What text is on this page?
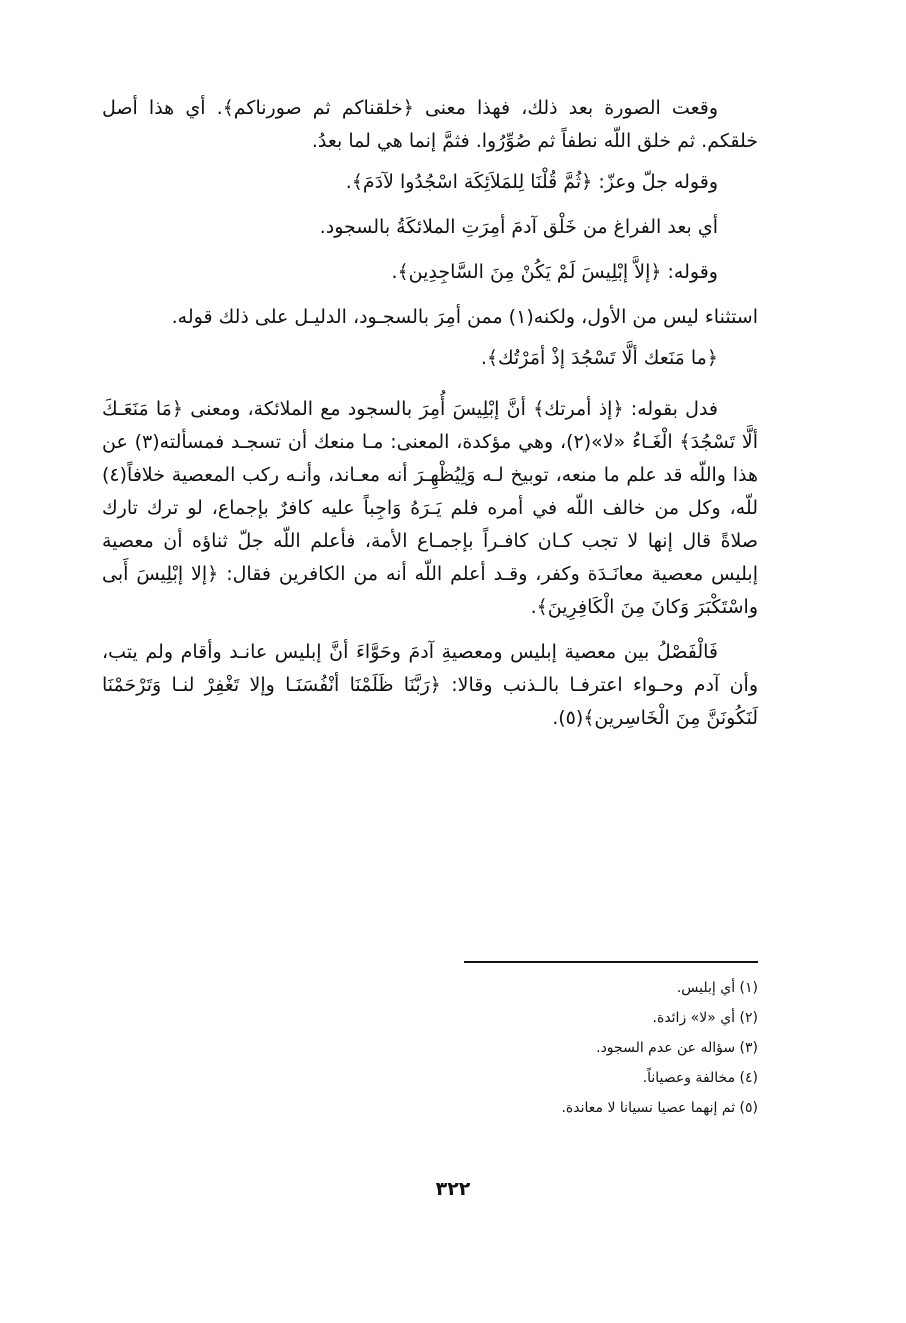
وقعت الصورة بعد ذلك، فهذا معنى ﴿خلقناكم ثم صورناكم﴾. أي هذا أصل خلقكم. ثم خلق اللّه نطفاً ثم صُوِّرُوا. فثمَّ إنما هي لما بعدُ.

وقوله جلّ وعزّ: ﴿ثُمَّ قُلْنَا لِلمَلاَئِكَة اسْجُدُوا لآدَمَ﴾.

أي بعد الفراغ من خَلْق آدمَ أمِرَتِ الملائكَةُ بالسجود.

وقوله: ﴿إلاَّ إبْلِيسَ لَمْ يَكُنْ مِنَ السَّاجِدِين﴾.

استثناء ليس من الأول، ولكنه(١) ممن أمِرَ بالسجـود، الدليـل على ذلك قوله.

﴿ما مَنَعك ألَّا تَسْجُدَ إذْ أمَرْتُك﴾.

فدل بقوله: ﴿إذ أمرتك﴾ أنَّ إبْلِيسَ أُمِرَ بالسجود مع الملائكة، ومعنى ﴿مَا مَنَعَـكَ ألَّا تَسْجُدَ﴾ الْغَـاءُ «لا»(٢)، وهي مؤكدة، المعنى: مـا منعك أن تسجـد فمسألته(٣) عن هذا واللّه قد علم ما منعه، توبيخ لـه وَلِيُظْهِـرَ أنه معـاند، وأنـه ركب المعصية خلافاً(٤) للّه، وكل من خالف اللّه في أمره فلم يَـرَهُ وَاجِباً عليه كافرٌ بإجماع، لو ترك تارك صلاةً قال إنها لا تجب كـان كافـراً بإجمـاع الأمة، فأعلم اللّه جلّ ثناؤه أن معصية إبليس معصية معانَـدَة وكفر، وقـد أعلم اللّه أنه من الكافرين فقال: ﴿إلا إبْلِيسَ أَبى واسْتَكْبَرَ وَكانَ مِنَ الْكَافِرِينَ﴾.

فَالْفَصْلُ بين معصية إبليس ومعصيةِ آدمَ وحَوَّاءَ أنَّ إبليس عانـد وأقام ولم يتب، وأن آدم وحـواء اعترفـا بالـذنب وقالا: ﴿رَبَّنَا ظَلَمْنَا أنْفُسَنَـا وإلا تَغْفِرْ لنـا وَتَرْحَمْنَا لَنَكُونَنَّ مِنَ الْخَاسِرين﴾(٥).

(١) أي إبليس.
(٢) أي «لا» زائدة.
(٣) سؤاله عن عدم السجود.
(٤) مخالفة وعصياناً.
(٥) ثم إنهما عصيا نسيانا لا معاندة.
٣٢٢
